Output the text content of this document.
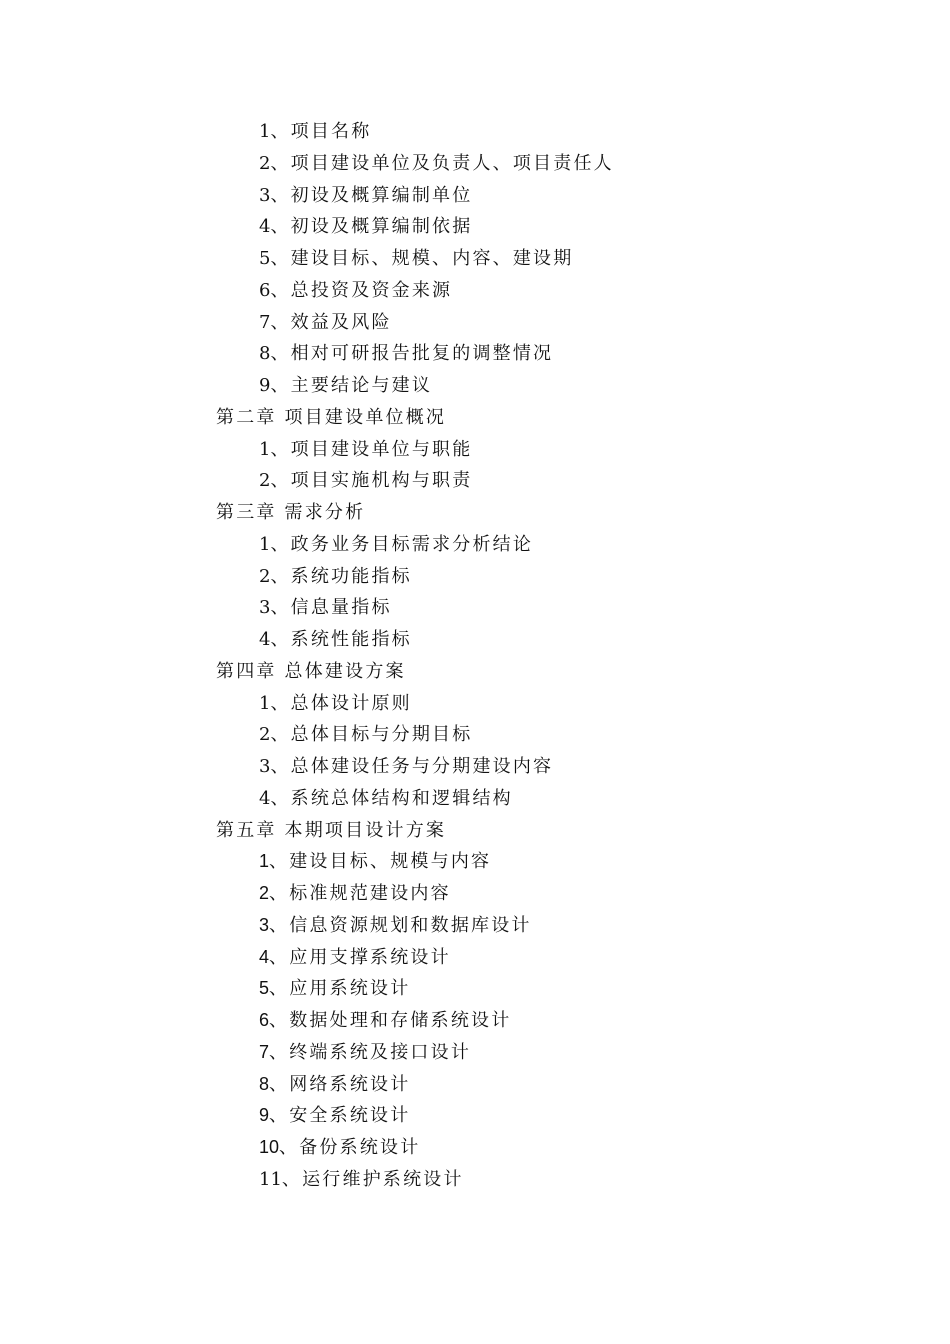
1、项目名称
2、项目建设单位及负责人、项目责任人
3、初设及概算编制单位
4、初设及概算编制依据
5、建设目标、规模、内容、建设期
6、总投资及资金来源
7、效益及风险
8、相对可研报告批复的调整情况
9、主要结论与建议
第二章 项目建设单位概况
1、项目建设单位与职能
2、项目实施机构与职责
第三章 需求分析
1、政务业务目标需求分析结论
2、系统功能指标
3、信息量指标
4、系统性能指标
第四章 总体建设方案
1、总体设计原则
2、总体目标与分期目标
3、总体建设任务与分期建设内容
4、系统总体结构和逻辑结构
第五章 本期项目设计方案
1、建设目标、规模与内容
2、标准规范建设内容
3、信息资源规划和数据库设计
4、应用支撑系统设计
5、应用系统设计
6、数据处理和存储系统设计
7、终端系统及接口设计
8、网络系统设计
9、安全系统设计
10、备份系统设计
11、运行维护系统设计
